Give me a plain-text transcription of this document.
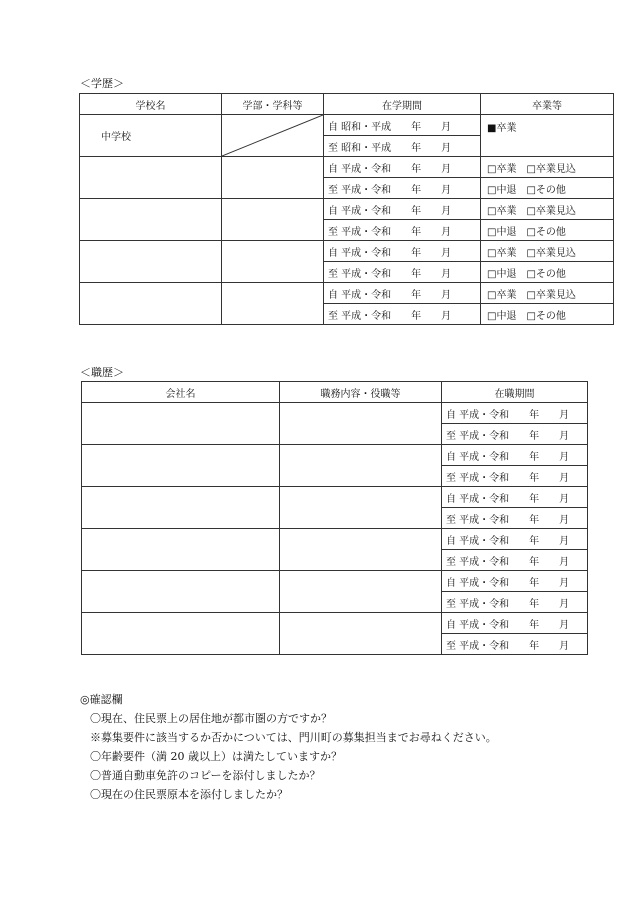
＜学歴＞
学校名	学部・学科等	在学期間	卒業等
中学校		自 昭和・平成　　年　　月	■卒業
		至 昭和・平成　　年　　月	
		自 平成・令和　　年　　月	□卒業　□卒業見込
		至 平成・令和　　年　　月	□中退　□その他
		自 平成・令和　　年　　月	□卒業　□卒業見込
		至 平成・令和　　年　　月	□中退　□その他
		自 平成・令和　　年　　月	□卒業　□卒業見込
		至 平成・令和　　年　　月	□中退　□その他
		自 平成・令和　　年　　月	□卒業　□卒業見込
		至 平成・令和　　年　　月	□中退　□その他
＜職歴＞
会社名	職務内容・役職等	在職期間
		自 平成・令和　　年　　月
		至 平成・令和　　年　　月
		自 平成・令和　　年　　月
		至 平成・令和　　年　　月
		自 平成・令和　　年　　月
		至 平成・令和　　年　　月
		自 平成・令和　　年　　月
		至 平成・令和　　年　　月
		自 平成・令和　　年　　月
		至 平成・令和　　年　　月
		自 平成・令和　　年　　月
		至 平成・令和　　年　　月
◎確認欄
〇現在、住民票上の居住地が都市圏の方ですか？
※募集要件に該当するか否かについては、門川町の募集担当までお尋ねください。
〇年齢要件（満 20 歳以上）は満たしていますか？
〇普通自動車免許のコピーを添付しましたか？
〇現在の住民票原本を添付しましたか？
